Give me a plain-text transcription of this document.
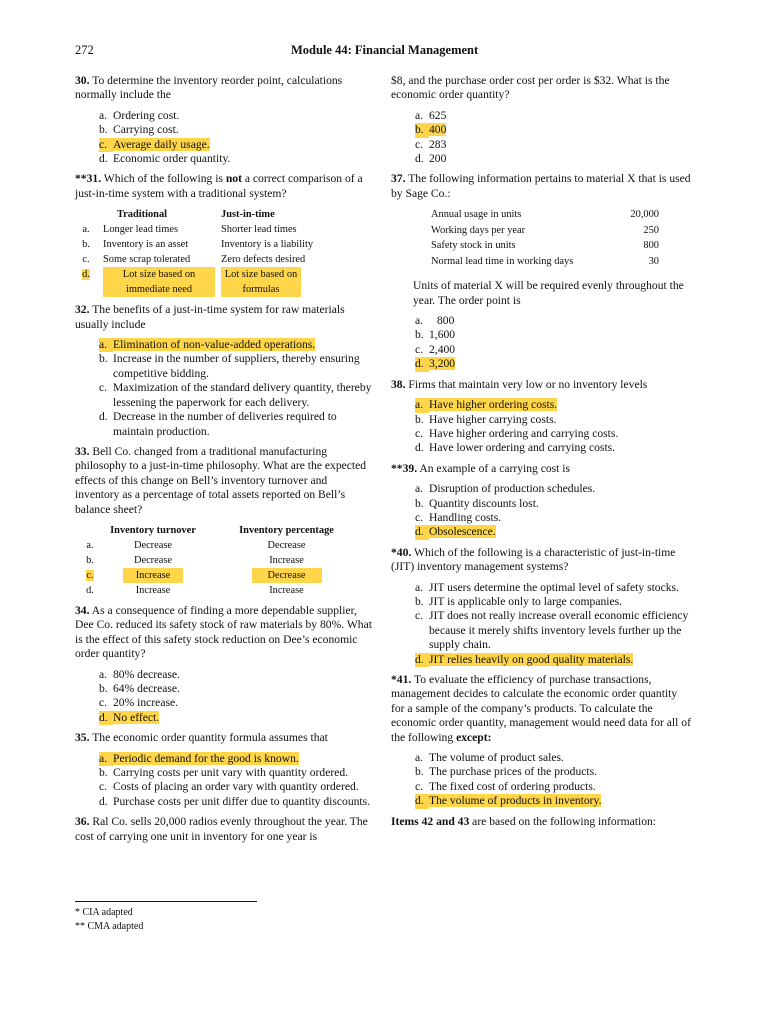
272	Module 44: Financial Management

30. To determine the inventory reorder point, calculations normally include the

a. Ordering cost.
b. Carrying cost.
c. Average daily usage.
d. Economic order quantity.

**31. Which of the following is not a correct comparison of a just-in-time system with a traditional system?

	Traditional	Just-in-time
a.	Longer lead times	Shorter lead times
b.	Inventory is an asset	Inventory is a liability
c.	Some scrap tolerated	Zero defects desired
d.	Lot size based on immediate need	Lot size based on formulas

32. The benefits of a just-in-time system for raw materials usually include

a. Elimination of non-value-added operations.
b. Increase in the number of suppliers, thereby ensuring competitive bidding.
c. Maximization of the standard delivery quantity, thereby lessening the paperwork for each delivery.
d. Decrease in the number of deliveries required to maintain production.

33. Bell Co. changed from a traditional manufacturing philosophy to a just-in-time philosophy. What are the expected effects of this change on Bell’s inventory turnover and inventory as a percentage of total assets reported on Bell’s balance sheet?

	Inventory turnover	Inventory percentage
a.	Decrease	Decrease
b.	Decrease	Increase
c.	Increase	Decrease
d.	Increase	Increase

34. As a consequence of finding a more dependable supplier, Dee Co. reduced its safety stock of raw materials by 80%. What is the effect of this safety stock reduction on Dee’s economic order quantity?

a. 80% decrease.
b. 64% decrease.
c. 20% increase.
d. No effect.

35. The economic order quantity formula assumes that

a. Periodic demand for the good is known.
b. Carrying costs per unit vary with quantity ordered.
c. Costs of placing an order vary with quantity ordered.
d. Purchase costs per unit differ due to quantity discounts.

36. Ral Co. sells 20,000 radios evenly throughout the year. The cost of carrying one unit in inventory for one year is

$8, and the purchase order cost per order is $32. What is the economic order quantity?

a. 625
b. 400
c. 283
d. 200

37. The following information pertains to material X that is used by Sage Co.:

Annual usage in units	20,000
Working days per year	250
Safety stock in units	800
Normal lead time in working days	30

Units of material X will be required evenly throughout the year. The order point is

a.	800
b. 1,600
c. 2,400
d. 3,200

38. Firms that maintain very low or no inventory levels

a. Have higher ordering costs.
b. Have higher carrying costs.
c. Have higher ordering and carrying costs.
d. Have lower ordering and carrying costs.

**39. An example of a carrying cost is

a. Disruption of production schedules.
b. Quantity discounts lost.
c. Handling costs.
d. Obsolescence.

*40. Which of the following is a characteristic of just-in-time (JIT) inventory management systems?

a. JIT users determine the optimal level of safety stocks.
b. JIT is applicable only to large companies.
c. JIT does not really increase overall economic efficiency because it merely shifts inventory levels further up the supply chain.
d. JIT relies heavily on good quality materials.

*41. To evaluate the efficiency of purchase transactions, management decides to calculate the economic order quantity for a sample of the company’s products. To calculate the economic order quantity, management would need data for all of the following except:

a. The volume of product sales.
b. The purchase prices of the products.
c. The fixed cost of ordering products.
d. The volume of products in inventory.

Items 42 and 43 are based on the following information:

* CIA adapted
** CMA adapted
